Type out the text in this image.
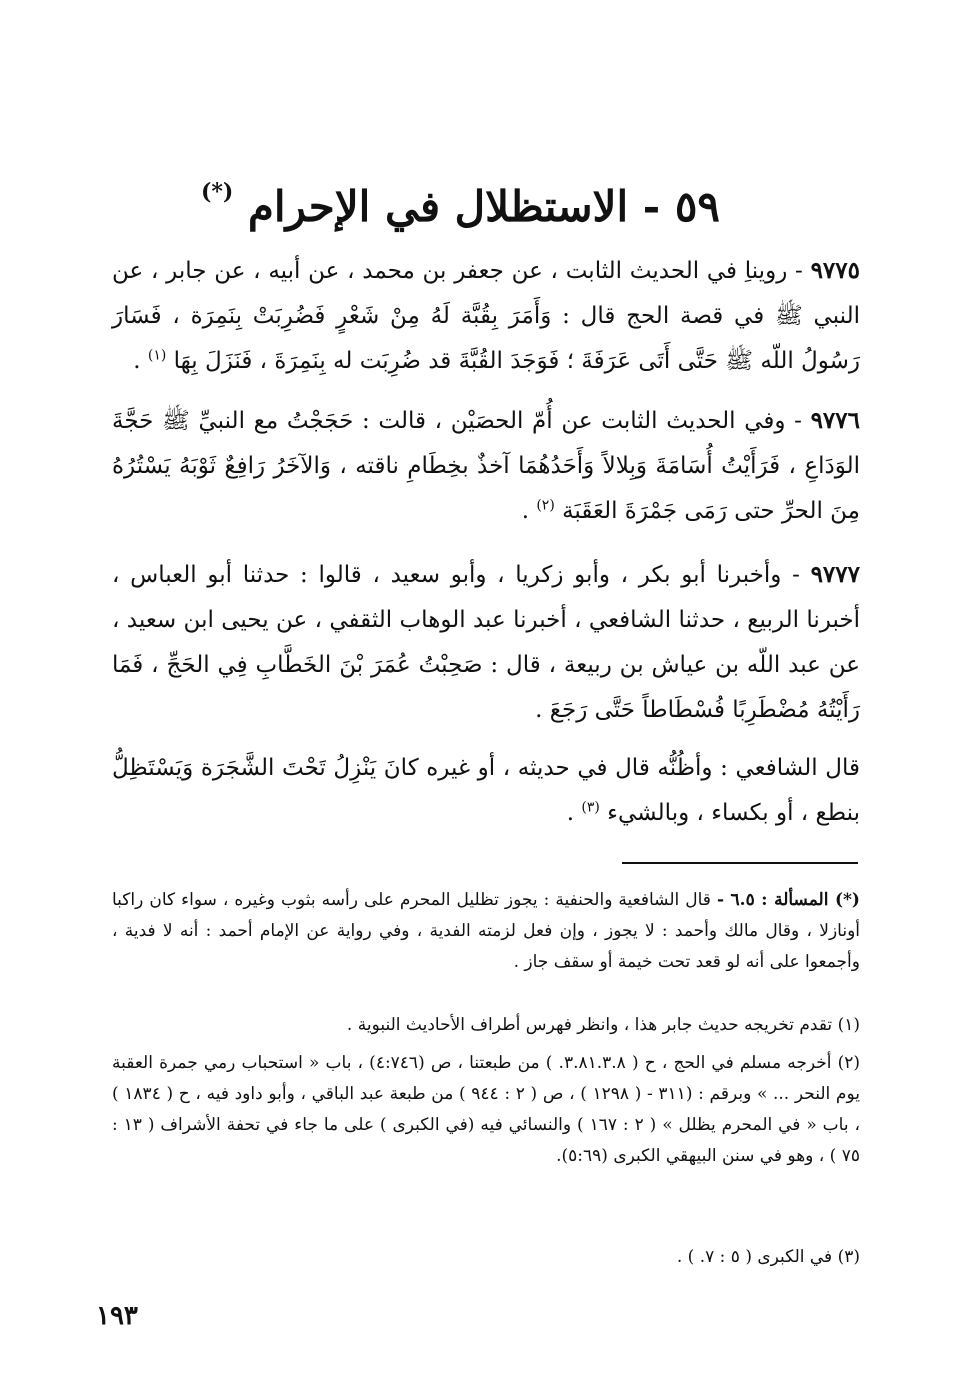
٥٩ - الاستظلال في الإحرام (*)
٩٧٧٥ - رويناِ في الحديث الثابت ، عن جعفر بن محمد ، عن أبيه ، عن جابر ، عن النبي ﷺ في قصة الحج قال : وَأَمَرَ بِقُبَّة لَهُ مِنْ شَعْرٍ فَضُرِبَتْ بِنَمِرَة ، فَسَارَ رَسُولُ اللّه ﷺ حَتَّى أَتَى عَرَفَةَ ؛ فَوَجَدَ القُبَّةَ قد ضُرِبَت له بِنَمِرَةَ ، فَنَزَلَ بِهَا $^{(١)}$ .
٩٧٧٦ - وفي الحديث الثابت عن أُمّ الحصَيْن ، قالت : حَجَجْتُ مع النبيِّ ﷺ حَجَّةَ الوَدَاعِ ، فَرَأَيْتُ أُسَامَةَ وَبِلالاً وَأَحَدُهُمَا آخذٌ بخِطَامِ ناقته ، وَالآخَرُ رَافِعٌ ثَوْبَهُ يَسْتُرُهُ مِنَ الحرِّ حتى رَمَى جَمْرَةَ العَقَبَة $^{(٢)}$ .
٩٧٧٧ - وأخبرنا أبو بكر ، وأبو زكريا ، وأبو سعيد ، قالوا : حدثنا أبو العباس ، أخبرنا الربيع ، حدثنا الشافعي ، أخبرنا عبد الوهاب الثقفي ، عن يحيى ابن سعيد ، عن عبد اللّه بن عياش بن ربيعة ، قال : صَحِبْتُ عُمَرَ بْنَ الخَطَّابِ فِي الحَجِّ ، فَمَا رَأَيْتُهُ مُضْطَرِبًا فُسْطَاطاً حَتَّى رَجَعَ .
قال الشافعي : وأظُنُّه قال في حديثه ، أو غيره كانَ يَنْزِلُ تَحْتَ الشَّجَرَة وَيَسْتَظِلُّ بنطع ، أو بكساء ، وبالشيء $^{(٣)}$ .
(*) المسألة : ٦.٥ - قال الشافعية والحنفية : يجوز تظليل المحرم على رأسه بثوب وغيره ، سواء كان راكبا أونازلا ، وقال مالك وأحمد : لا يجوز ، وإن فعل لزمته الفدية ، وفي رواية عن الإمام أحمد : أنه لا فدية ، وأجمعوا على أنه لو قعد تحت خيمة أو سقف جاز .
(١) تقدم تخريجه حديث جابر هذا ، وانظر فهرس أطراف الأحاديث النبوية .
(٢) أخرجه مسلم في الحج ، ح ( ٣.٨١.٣.٨. ) من طبعتنا ، ص (٤:٧٤٦) ، باب « استحباب رمي جمرة العقبة يوم النحر ... » وبرقم : (٣١١ - ( ١٢٩٨ ) ، ص ( ٢ : ٩٤٤ ) من طبعة عبد الباقي ، وأبو داود فيه ، ح ( ١٨٣٤ ) ، باب « في المحرم يظلل » ( ٢ : ١٦٧ ) والنسائي فيه (في الكبرى ) على ما جاء في تحفة الأشراف ( ١٣ : ٧٥ ) ، وهو في سنن البيهقي الكبرى (٥:٦٩).
(٣) في الكبرى ( ٥ : ٧. ) .
١٩٣
